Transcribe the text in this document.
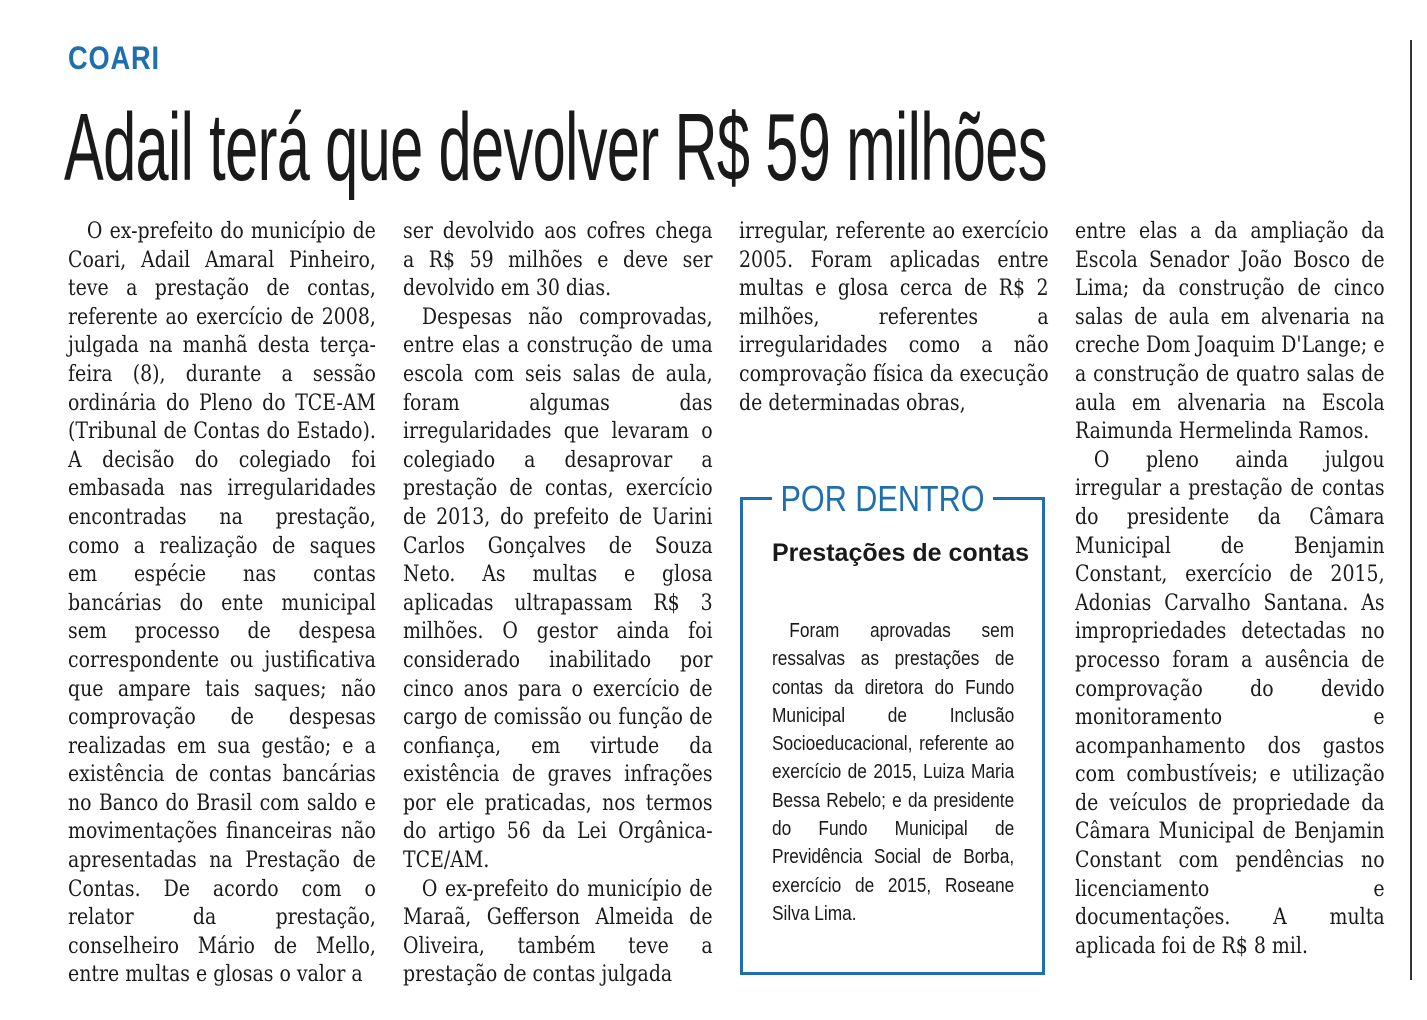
COARI
Adail terá que devolver R$ 59 milhões

O ex-prefeito do município de Coari, Adail Amaral Pinheiro, teve a prestação de contas, referente ao exercício de 2008, julgada na manhã desta terça-feira (8), durante a sessão ordinária do Pleno do TCE-AM (Tribunal de Contas do Estado). A decisão do colegiado foi embasada nas irregularidades encontradas na prestação, como a realização de saques em espécie nas contas bancárias do ente municipal sem processo de despesa correspondente ou justificativa que ampare tais saques; não comprovação de despesas realizadas em sua gestão; e a existência de contas bancárias no Banco do Brasil com saldo e movimentações financeiras não apresentadas na Prestação de Contas. De acordo com o relator da prestação, conselheiro Mário de Mello, entre multas e glosas o valor a

ser devolvido aos cofres chega a R$ 59 milhões e deve ser devolvido em 30 dias.

Despesas não comprovadas, entre elas a construção de uma escola com seis salas de aula, foram algumas das irregularidades que levaram o colegiado a desaprovar a prestação de contas, exercício de 2013, do prefeito de Uarini Carlos Gonçalves de Souza Neto. As multas e glosa aplicadas ultrapassam R$ 3 milhões. O gestor ainda foi considerado inabilitado por cinco anos para o exercício de cargo de comissão ou função de confiança, em virtude da existência de graves infrações por ele praticadas, nos termos do artigo 56 da Lei Orgânica-TCE/AM.

O ex-prefeito do município de Maraã, Gefferson Almeida de Oliveira, também teve a prestação de contas julgada

irregular, referente ao exercício 2005. Foram aplicadas entre multas e glosa cerca de R$ 2 milhões, referentes a irregularidades como a não comprovação física da execução de determinadas obras,

entre elas a da ampliação da Escola Senador João Bosco de Lima; da construção de cinco salas de aula em alvenaria na creche Dom Joaquim D'Lange; e a construção de quatro salas de aula em alvenaria na Escola Raimunda Hermelinda Ramos.

O pleno ainda julgou irregular a prestação de contas do presidente da Câmara Municipal de Benjamin Constant, exercício de 2015, Adonias Carvalho Santana. As impropriedades detectadas no processo foram a ausência de comprovação do devido monitoramento e acompanhamento dos gastos com combustíveis; e utilização de veículos de propriedade da Câmara Municipal de Benjamin Constant com pendências no licenciamento e documentações. A multa aplicada foi de R$ 8 mil.

POR DENTRO
Prestações de contas

Foram aprovadas sem ressalvas as prestações de contas da diretora do Fundo Municipal de Inclusão Socioeducacional, referente ao exercício de 2015, Luiza Maria Bessa Rebelo; e da presidente do Fundo Municipal de Previdência Social de Borba, exercício de 2015, Roseane Silva Lima.
